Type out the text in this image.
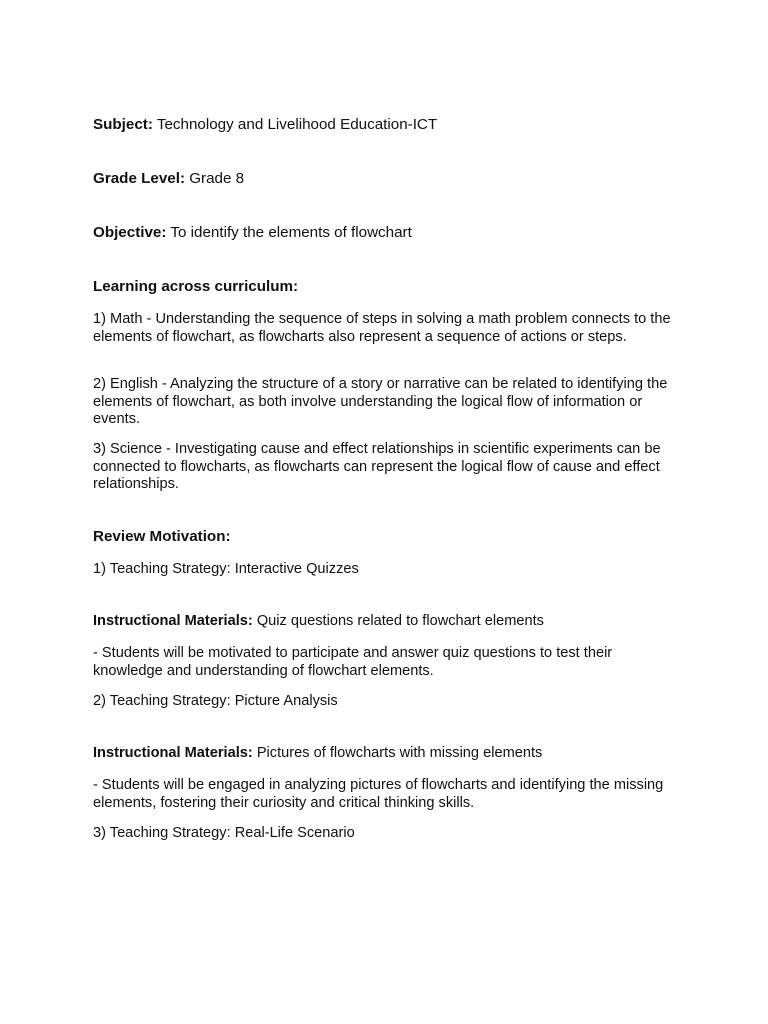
Subject: Technology and Livelihood Education-ICT

Grade Level: Grade 8

Objective: To identify the elements of flowchart

Learning across curriculum:

1) Math - Understanding the sequence of steps in solving a math problem connects to the elements of flowchart, as flowcharts also represent a sequence of actions or steps.

2) English - Analyzing the structure of a story or narrative can be related to identifying the elements of flowchart, as both involve understanding the logical flow of information or events.

3) Science - Investigating cause and effect relationships in scientific experiments can be connected to flowcharts, as flowcharts can represent the logical flow of cause and effect relationships.

Review Motivation:

1) Teaching Strategy: Interactive Quizzes

Instructional Materials: Quiz questions related to flowchart elements

- Students will be motivated to participate and answer quiz questions to test their knowledge and understanding of flowchart elements.

2) Teaching Strategy: Picture Analysis

Instructional Materials: Pictures of flowcharts with missing elements

- Students will be engaged in analyzing pictures of flowcharts and identifying the missing elements, fostering their curiosity and critical thinking skills.

3) Teaching Strategy: Real-Life Scenario
